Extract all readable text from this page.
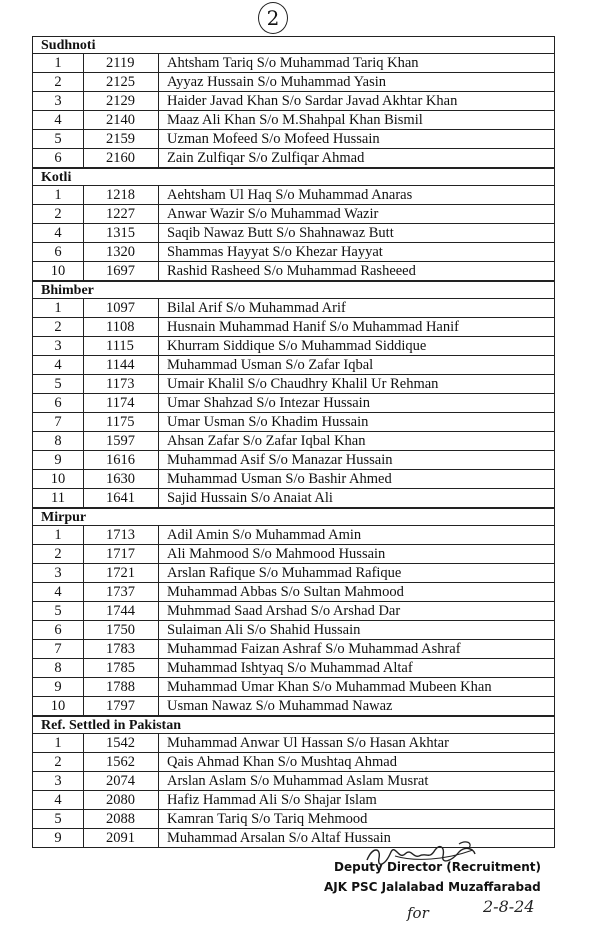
2
Sudhnoti
1	2119	Ahtsham Tariq S/o Muhammad Tariq Khan
2	2125	Ayyaz Hussain S/o Muhammad Yasin
3	2129	Haider Javad Khan S/o Sardar Javad Akhtar Khan
4	2140	Maaz Ali Khan S/o M.Shahpal Khan Bismil
5	2159	Uzman Mofeed S/o Mofeed Hussain
6	2160	Zain Zulfiqar S/o Zulfiqar Ahmad
Kotli
1	1218	Aehtsham Ul Haq S/o Muhammad Anaras
2	1227	Anwar Wazir S/o Muhammad Wazir
4	1315	Saqib Nawaz Butt S/o Shahnawaz Butt
6	1320	Shammas Hayyat S/o Khezar Hayyat
10	1697	Rashid Rasheed S/o Muhammad Rasheeed
Bhimber
1	1097	Bilal Arif S/o Muhammad Arif
2	1108	Husnain Muhammad Hanif S/o Muhammad Hanif
3	1115	Khurram Siddique S/o Muhammad Siddique
4	1144	Muhammad Usman S/o Zafar Iqbal
5	1173	Umair Khalil S/o Chaudhry Khalil Ur Rehman
6	1174	Umar Shahzad S/o Intezar Hussain
7	1175	Umar Usman S/o Khadim Hussain
8	1597	Ahsan Zafar S/o Zafar Iqbal Khan
9	1616	Muhammad Asif S/o Manazar Hussain
10	1630	Muhammad Usman S/o Bashir Ahmed
11	1641	Sajid Hussain S/o Anaiat Ali
Mirpur
1	1713	Adil Amin S/o Muhammad Amin
2	1717	Ali Mahmood S/o Mahmood Hussain
3	1721	Arslan Rafique S/o Muhammad Rafique
4	1737	Muhammad Abbas S/o Sultan Mahmood
5	1744	Muhmmad Saad Arshad S/o Arshad Dar
6	1750	Sulaiman Ali S/o Shahid Hussain
7	1783	Muhammad Faizan Ashraf S/o Muhammad Ashraf
8	1785	Muhammad Ishtyaq S/o Muhammad Altaf
9	1788	Muhammad Umar Khan S/o Muhammad Mubeen Khan
10	1797	Usman Nawaz S/o Muhammad Nawaz
Ref. Settled in Pakistan
1	1542	Muhammad Anwar Ul Hassan S/o Hasan Akhtar
2	1562	Qais Ahmad Khan S/o Mushtaq Ahmad
3	2074	Arslan Aslam S/o Muhammad Aslam Musrat
4	2080	Hafiz Hammad Ali S/o Shajar Islam
5	2088	Kamran Tariq S/o Tariq Mehmood
9	2091	Muhammad Arsalan S/o Altaf Hussain
Deputy Director (Recruitment)
AJK PSC Jalalabad Muzaffarabad
for	2-8-24
